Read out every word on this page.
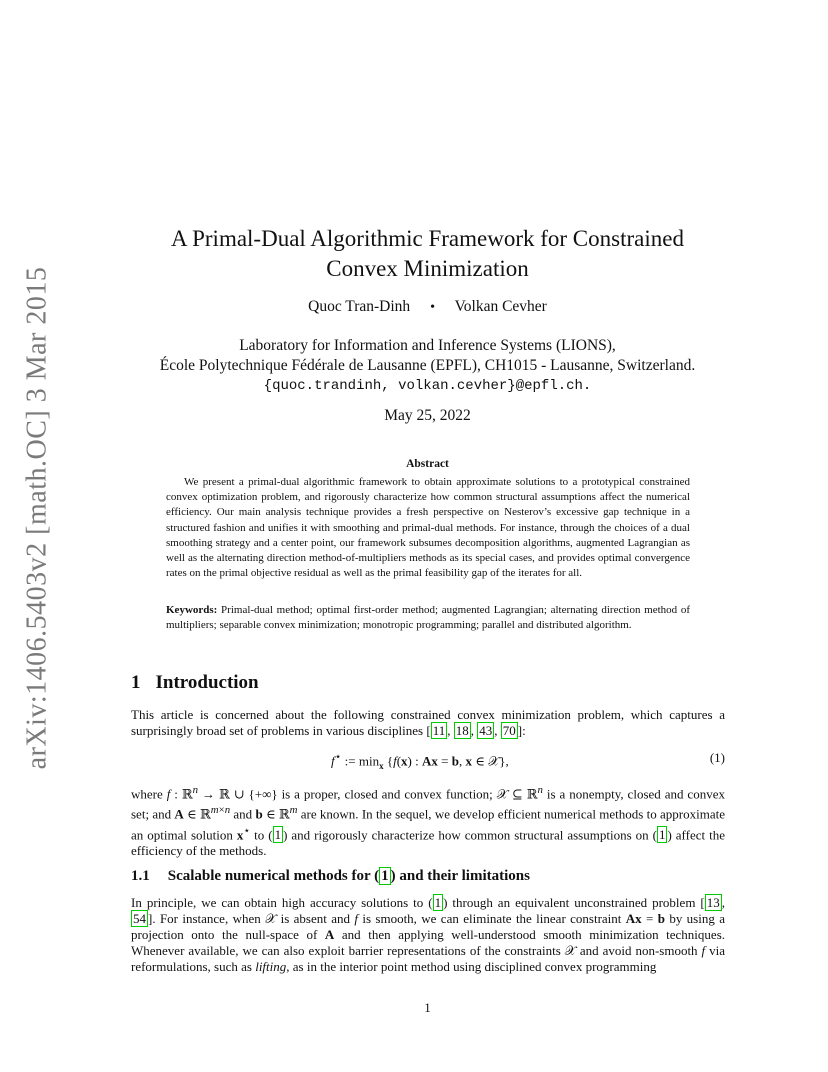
arXiv:1406.5403v2 [math.OC] 3 Mar 2015
A Primal-Dual Algorithmic Framework for Constrained
Convex Minimization
Quoc Tran-Dinh • Volkan Cevher
Laboratory for Information and Inference Systems (LIONS),
École Polytechnique Fédérale de Lausanne (EPFL), CH1015 - Lausanne, Switzerland.
{quoc.trandinh, volkan.cevher}@epfl.ch.
May 25, 2022
Abstract

We present a primal-dual algorithmic framework to obtain approximate solutions to a prototypical constrained convex optimization problem, and rigorously characterize how common structural assumptions affect the numerical efficiency. Our main analysis technique provides a fresh perspective on Nesterov’s excessive gap technique in a structured fashion and unifies it with smoothing and primal-dual methods. For instance, through the choices of a dual smoothing strategy and a center point, our framework subsumes decomposition algorithms, augmented Lagrangian as well as the alternating direction method-of-multipliers methods as its special cases, and provides optimal convergence rates on the primal objective residual as well as the primal feasibility gap of the iterates for all.

Keywords: Primal-dual method; optimal first-order method; augmented Lagrangian; alternating direction method of multipliers; separable convex minimization; monotropic programming; parallel and distributed algorithm.

1 Introduction

This article is concerned about the following constrained convex minimization problem, which captures a surprisingly broad set of problems in various disciplines [ 11 , 18 , 43 , 70 ]:

f⋆ := $\min_x \{f(x)$ : Ax = b, x ∈ 𝒳},	(1)

where f : ℝ$^n$ → ℝ ∪ {+∞} is a proper, closed and convex function; 𝒳 ⊆ ℝ$^n$ is a nonempty, closed and convex set; and A ∈ ℝ$^{m\times n}$ and b ∈ ℝ$^m$ are known. In the sequel, we develop efficient numerical methods to approximate an optimal solution x⋆ to ( 1 ) and rigorously characterize how common structural assumptions on ( 1 ) affect the efficiency of the methods.

1.1 Scalable numerical methods for ( 1 ) and their limitations

In principle, we can obtain high accuracy solutions to ( 1 ) through an equivalent unconstrained problem [ 13 , 54 ]. For instance, when 𝒳 is absent and f is smooth, we can eliminate the linear constraint Ax = b by using a projection onto the null-space of A and then applying well-understood smooth minimization techniques. Whenever available, we can also exploit barrier representations of the constraints 𝒳 and avoid non-smooth f via reformulations, such as lifting, as in the interior point method using disciplined convex programming

1
